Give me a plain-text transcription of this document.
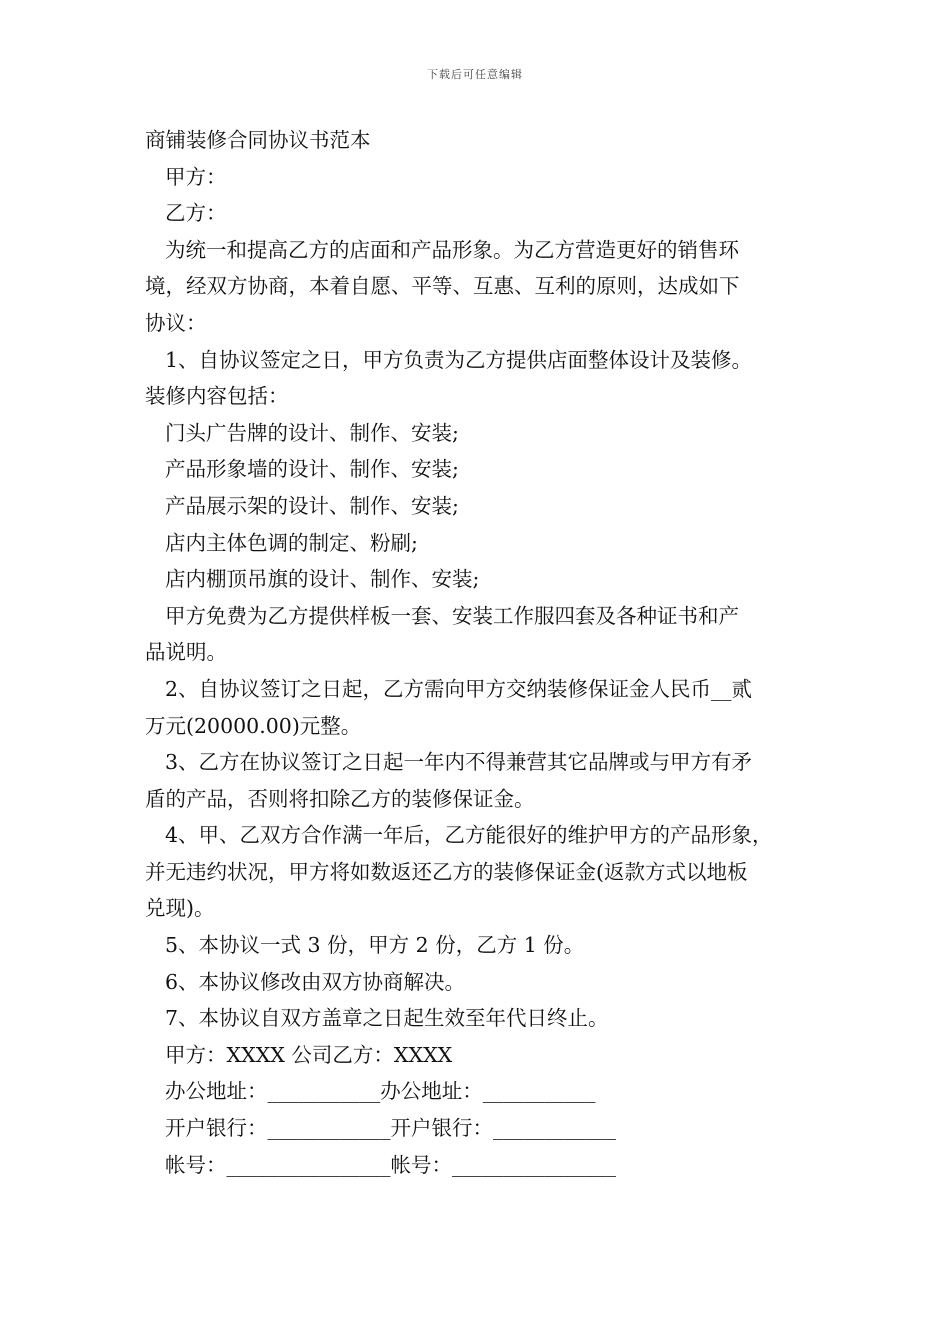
下载后可任意编辑
商铺装修合同协议书范本
甲方：
乙方：
为统一和提高乙方的店面和产品形象。为乙方营造更好的销售环
境，经双方协商，本着自愿、平等、互惠、互利的原则，达成如下
协议：
1、自协议签定之日，甲方负责为乙方提供店面整体设计及装修。
装修内容包括：
门头广告牌的设计、制作、安装;
产品形象墙的设计、制作、安装;
产品展示架的设计、制作、安装;
店内主体色调的制定、粉刷;
店内棚顶吊旗的设计、制作、安装;
甲方免费为乙方提供样板一套、安装工作服四套及各种证书和产
品说明。
2、自协议签订之日起，乙方需向甲方交纳装修保证金人民币__贰
万元(20000.00)元整。
3、乙方在协议签订之日起一年内不得兼营其它品牌或与甲方有矛
盾的产品，否则将扣除乙方的装修保证金。
4、甲、乙双方合作满一年后，乙方能很好的维护甲方的产品形象，
并无违约状况，甲方将如数返还乙方的装修保证金(返款方式以地板
兑现)。
5、本协议一式 3 份，甲方 2 份，乙方 1 份。
6、本协议修改由双方协商解决。
7、本协议自双方盖章之日起生效至年代日终止。
甲方：XXXX 公司乙方：XXXX
办公地址：___________办公地址：___________
开户银行：____________开户银行：____________
帐号：________________帐号：________________
